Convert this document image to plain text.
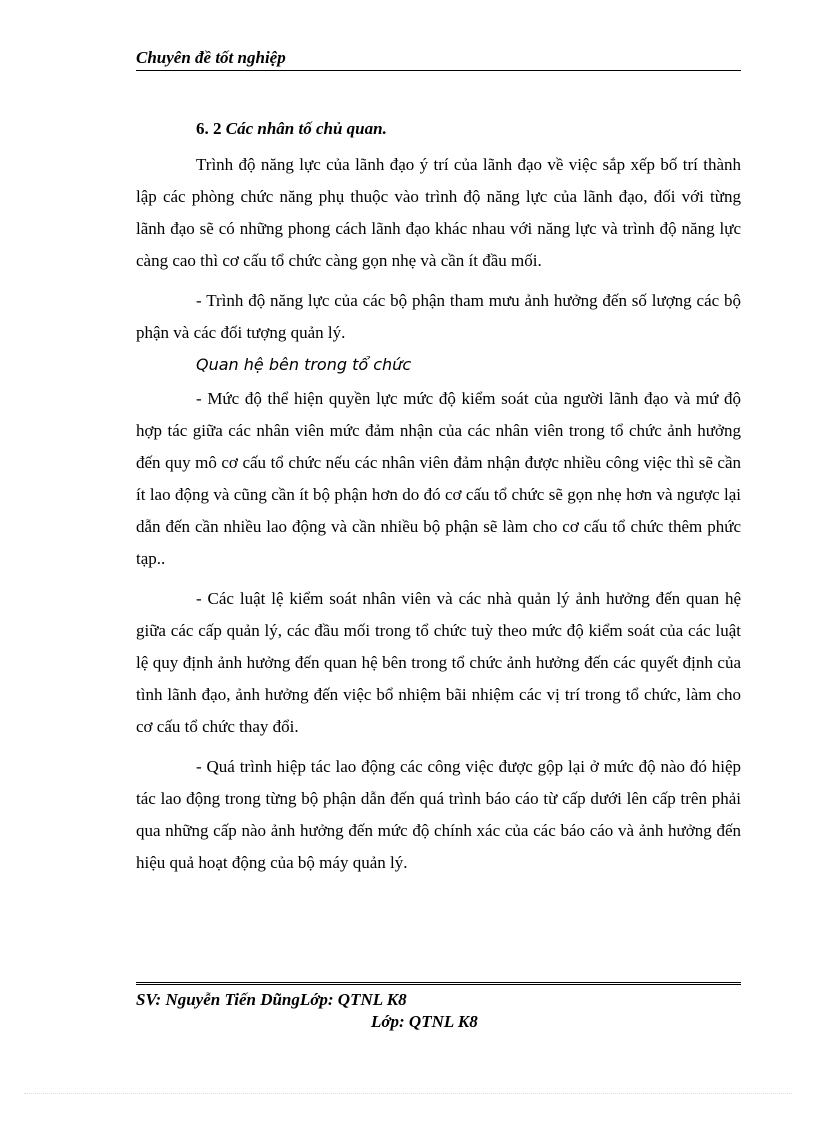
Chuyên đề tốt nghiệp
6. 2 Các nhân tố chủ quan.

Trình độ năng lực của lãnh đạo ý trí của lãnh đạo về việc sắp xếp bố trí thành lập các phòng chức năng phụ thuộc vào trình độ năng lực của lãnh đạo, đối với từng lãnh đạo sẽ có những phong cách lãnh đạo khác nhau với năng lực và trình độ năng lực càng cao thì cơ cấu tổ chức càng gọn nhẹ và cần ít đầu mối.

- Trình độ năng lực của các bộ phận tham mưu ảnh hưởng đến số lượng các bộ phận và các đối tượng quản lý.

Quan hệ bên trong tổ chức

- Mức độ thể hiện quyền lực mức độ kiểm soát của người lãnh đạo và mứ độ hợp tác giữa các nhân viên mức đảm nhận của các nhân viên trong tổ chức ảnh hưởng đến quy mô cơ cấu tổ chức nếu các nhân viên đảm nhận được nhiều công việc thì sẽ cần ít lao động và cũng cần ít bộ phận hơn do đó cơ cấu tổ chức sẽ gọn nhẹ hơn và ngược lại dẫn đến cần nhiều lao động và cần nhiều bộ phận sẽ làm cho cơ cấu tổ chức thêm phức tạp..

- Các luật lệ kiểm soát nhân viên và các nhà quản lý ảnh hưởng đến quan hệ giữa các cấp quản lý, các đầu mối trong tổ chức tuỳ theo mức độ kiểm soát của các luật lệ quy định ảnh hưởng đến quan hệ bên trong tổ chức ảnh hưởng đến các quyết định của tình lãnh đạo, ảnh hưởng đến việc bổ nhiệm bãi nhiệm các vị trí trong tổ chức, làm cho cơ cấu tổ chức thay đổi.

- Quá trình hiệp tác lao động các công việc được gộp lại ở mức độ nào đó hiệp tác lao động trong từng bộ phận dẫn đến quá trình báo cáo từ cấp dưới lên cấp trên phải qua những cấp nào ảnh hưởng đến mức độ chính xác của các báo cáo và ảnh hưởng đến hiệu quả hoạt động của bộ máy quản lý.

SV: Nguyễn Tiến DũngLớp: QTNL K8

Lớp: QTNL K8
